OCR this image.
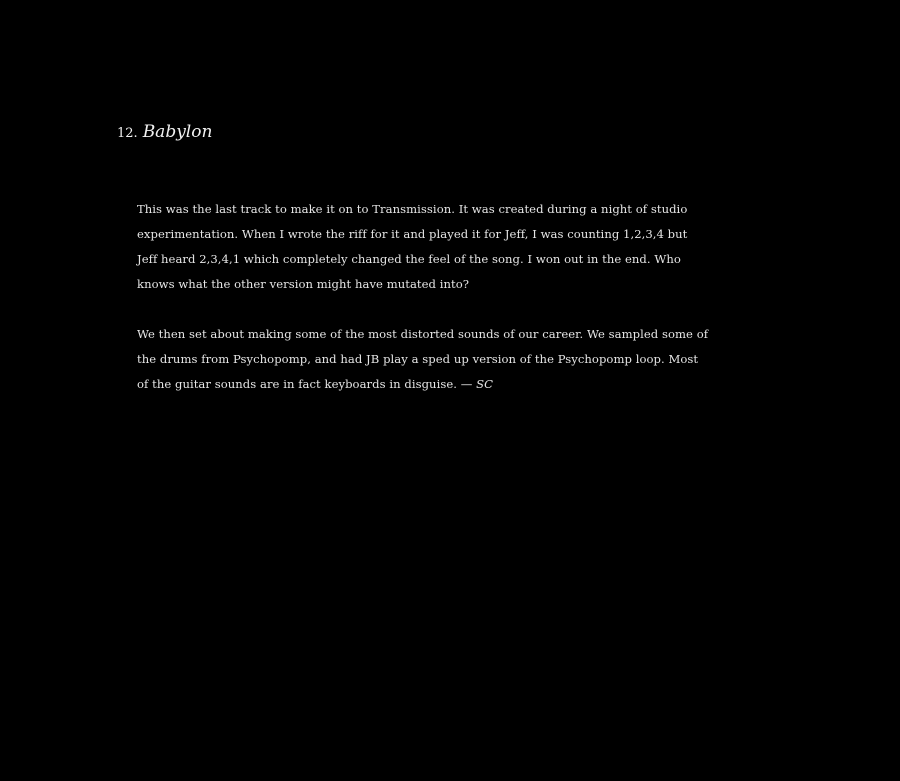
12. Babylon

This was the last track to make it on to Transmission. It was created during a night of studio
experimentation. When I wrote the riff for it and played it for Jeff, I was counting 1,2,3,4 but
Jeff heard 2,3,4,1 which completely changed the feel of the song. I won out in the end. Who
knows what the other version might have mutated into?

We then set about making some of the most distorted sounds of our career. We sampled some of
the drums from Psychopomp, and had JB play a sped up version of the Psychopomp loop. Most
of the guitar sounds are in fact keyboards in disguise. — SC
